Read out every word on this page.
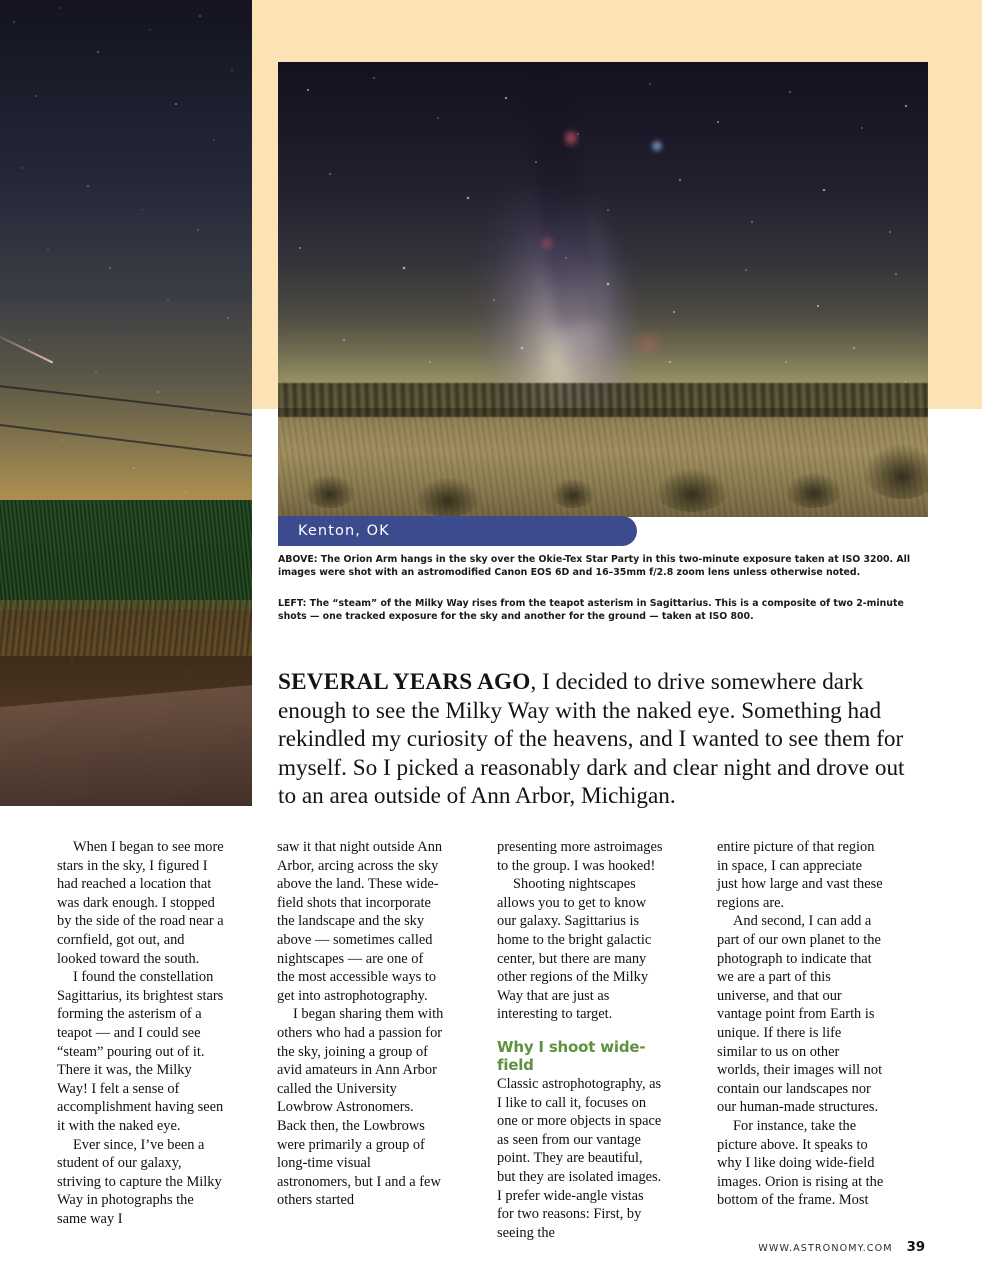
Kenton, OK
ABOVE: The Orion Arm hangs in the sky over the Okie-Tex Star Party in this two-minute exposure taken at ISO 3200. All images were shot with an astromodified Canon EOS 6D and 16–35mm f/2.8 zoom lens unless otherwise noted.
LEFT: The “steam” of the Milky Way rises from the teapot asterism in Sagittarius. This is a composite of two 2-minute shots — one tracked exposure for the sky and another for the ground — taken at ISO 800.
SEVERAL YEARS AGO, I decided to drive somewhere dark enough to see the Milky Way with the naked eye. Something had rekindled my curiosity of the heavens, and I wanted to see them for myself. So I picked a reasonably dark and clear night and drove out to an area outside of Ann Arbor, Michigan.

When I began to see more stars in the sky, I figured I had reached a location that was dark enough. I stopped by the side of the road near a cornfield, got out, and looked toward the south.

I found the constellation Sagittarius, its brightest stars forming the asterism of a teapot — and I could see “steam” pouring out of it. There it was, the Milky Way! I felt a sense of accomplishment having seen it with the naked eye.

Ever since, I’ve been a student of our galaxy, striving to capture the Milky Way in photographs the same way I

saw it that night outside Ann Arbor, arcing across the sky above the land. These wide-field shots that incorporate the landscape and the sky above — sometimes called nightscapes — are one of the most accessible ways to get into astrophotography.

I began sharing them with others who had a passion for the sky, joining a group of avid amateurs in Ann Arbor called the University Lowbrow Astronomers. Back then, the Lowbrows were primarily a group of long-time visual astronomers, but I and a few others started

presenting more astroimages to the group. I was hooked!

Shooting nightscapes allows you to get to know our galaxy. Sagittarius is home to the bright galactic center, but there are many other regions of the Milky Way that are just as interesting to target.

Why I shoot wide-field

Classic astrophotography, as I like to call it, focuses on one or more objects in space as seen from our vantage point. They are beautiful, but they are isolated images. I prefer wide-angle vistas for two reasons: First, by seeing the

entire picture of that region in space, I can appreciate just how large and vast these regions are.

And second, I can add a part of our own planet to the photograph to indicate that we are a part of this universe, and that our vantage point from Earth is unique. If there is life similar to us on other worlds, their images will not contain our landscapes nor our human-made structures.

For instance, take the picture above. It speaks to why I like doing wide-field images. Orion is rising at the bottom of the frame. Most

WWW.ASTRONOMY.COM 39
